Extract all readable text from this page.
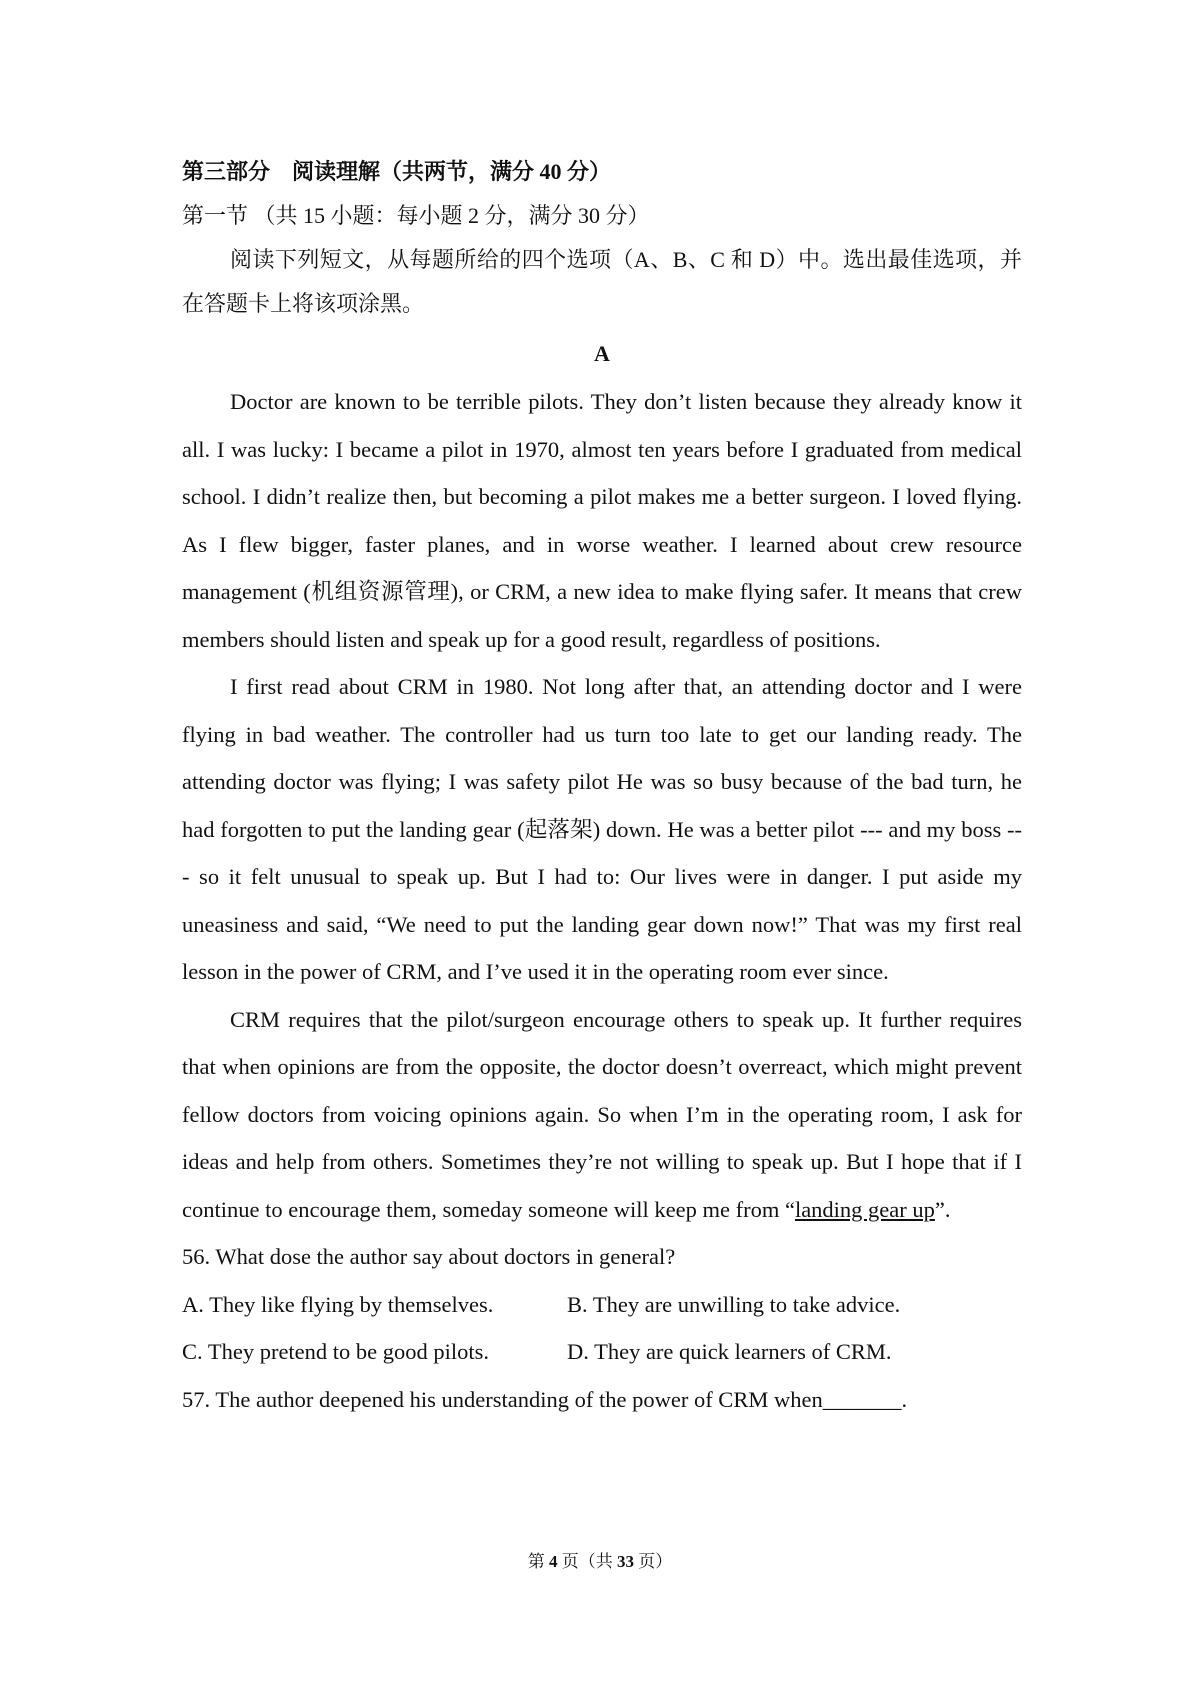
第三部分　阅读理解（共两节，满分 40 分）

第一节 （共 15 小题：每小题 2 分，满分 30 分）

阅读下列短文，从每题所给的四个选项（A、B、C 和 D）中。选出最佳选项，并在答题卡上将该项涂黑。

A

Doctor are known to be terrible pilots. They don’t listen because they already know it all. I was lucky: I became a pilot in 1970, almost ten years before I graduated from medical school. I didn’t realize then, but becoming a pilot makes me a better surgeon. I loved flying. As I flew bigger, faster planes, and in worse weather. I learned about crew resource management (机组资源管理), or CRM, a new idea to make flying safer. It means that crew members should listen and speak up for a good result, regardless of positions.

I first read about CRM in 1980. Not long after that, an attending doctor and I were flying in bad weather. The controller had us turn too late to get our landing ready. The attending doctor was flying; I was safety pilot He was so busy because of the bad turn, he had forgotten to put the landing gear (起落架) down. He was a better pilot --- and my boss --- so it felt unusual to speak up. But I had to: Our lives were in danger. I put aside my uneasiness and said, “We need to put the landing gear down now!” That was my first real lesson in the power of CRM, and I’ve used it in the operating room ever since.

CRM requires that the pilot/surgeon encourage others to speak up. It further requires that when opinions are from the opposite, the doctor doesn’t overreact, which might prevent fellow doctors from voicing opinions again. So when I’m in the operating room, I ask for ideas and help from others. Sometimes they’re not willing to speak up. But I hope that if I continue to encourage them, someday someone will keep me from “landing gear up”.

56. What dose the author say about doctors in general?

A. They like flying by themselves.	B. They are unwilling to take advice.
C. They pretend to be good pilots.	D. They are quick learners of CRM.

57. The author deepened his understanding of the power of CRM when_______.

第 4 页（共 33 页）
